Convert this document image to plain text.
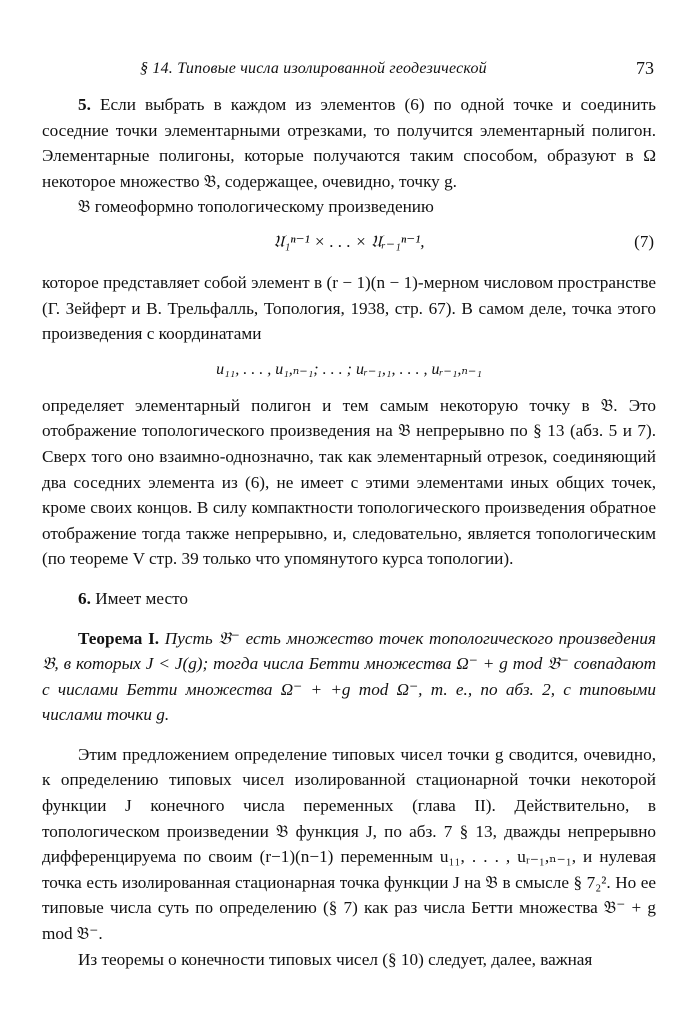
§ 14. Типовые числа изолированной геодезической	73

5. Если выбрать в каждом из элементов (6) по одной точке и соединить соседние точки элементарными отрезками, то получится элементарный полигон. Элементарные полигоны, которые получаются таким способом, образуют в Ω некоторое множество 𝔅, содержащее, очевидно, точку g.

𝔅 гомеоформно топологическому произведению

𝔘₁ⁿ⁻¹ × . . . × 𝔘ᵣ₋₁ⁿ⁻¹,	(7)

которое представляет собой элемент в (r − 1)(n − 1)-мерном числовом пространстве (Г. Зейферт и В. Трельфалль, Топология, 1938, стр. 67). В самом деле, точка этого произведения с координатами

u₁₁, . . . , u₁,ₙ₋₁; . . . ; uᵣ₋₁,₁, . . . , uᵣ₋₁,ₙ₋₁

определяет элементарный полигон и тем самым некоторую точку в 𝔅. Это отображение топологического произведения на 𝔅 непрерывно по § 13 (абз. 5 и 7). Сверх того оно взаимно-однозначно, так как элементарный отрезок, соединяющий два соседних элемента из (6), не имеет с этими элементами иных общих точек, кроме своих концов. В силу компактности топологического произведения обратное отображение тогда также непрерывно, и, следовательно, является топологическим (по теореме V стр. 39 только что упомянутого курса топологии).

6. Имеет место

Теорема I. Пусть 𝔅⁻ есть множество точек топологического произведения 𝔅, в которых J < J(g); тогда числа Бетти множества Ω⁻ + g mod 𝔅⁻ совпадают с числами Бетти множества Ω⁻ + +g mod Ω⁻, т. е., по абз. 2, с типовыми числами точки g.

Этим предложением определение типовых чисел точки g сводится, очевидно, к определению типовых чисел изолированной стационарной точки некоторой функции J конечного числа переменных (глава II). Действительно, в топологическом произведении 𝔅 функция J, по абз. 7 § 13, дважды непрерывно дифференцируема по своим (r−1)(n−1) переменным u₁₁, . . . , uᵣ₋₁,ₙ₋₁, и нулевая точка есть изолированная стационарная точка функции J на 𝔅 в смысле § 7₂². Но ее типовые числа суть по определению (§ 7) как раз числа Бетти множества 𝔅⁻ + g mod 𝔅⁻.

Из теоремы о конечности типовых чисел (§ 10) следует, далее, важная
